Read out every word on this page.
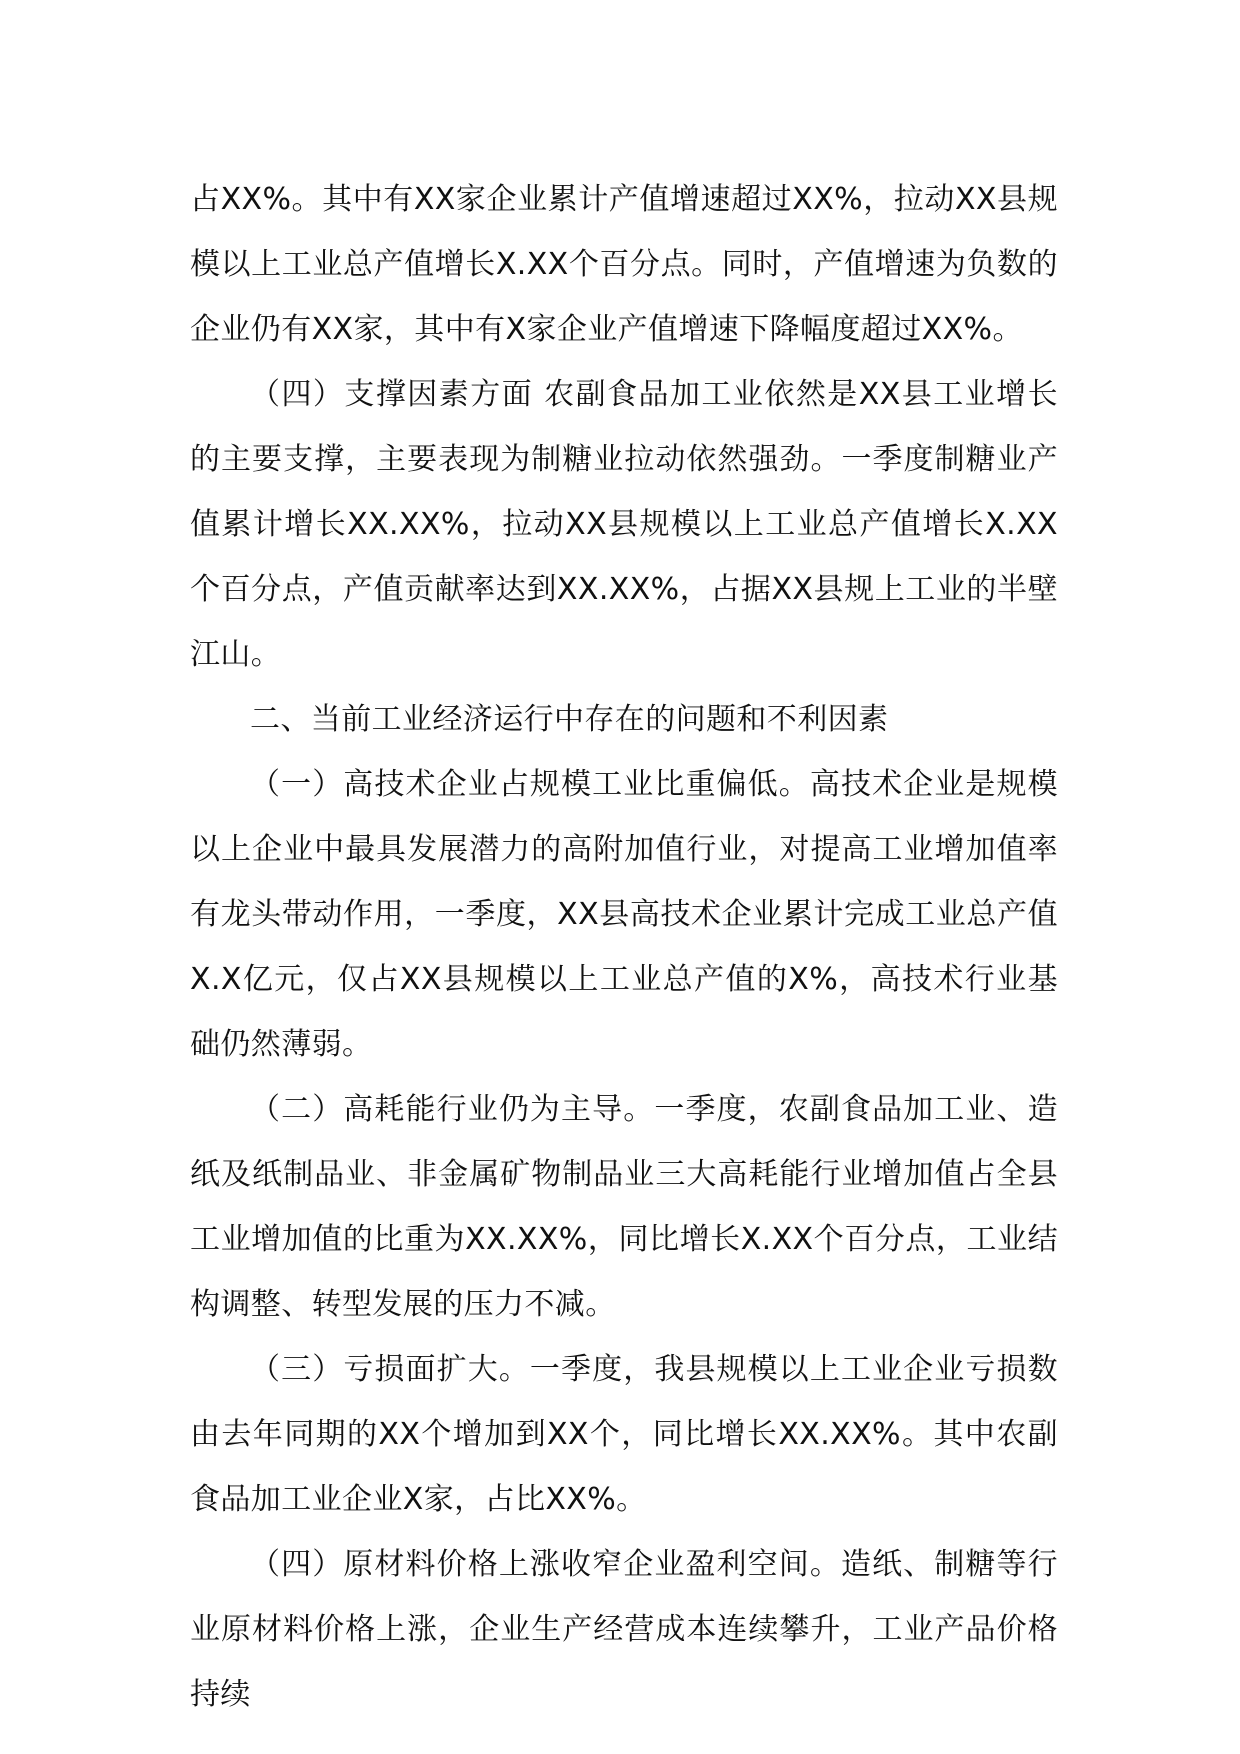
占XX%。其中有XX家企业累计产值增速超过XX%，拉动XX县规模以上工业总产值增长X.XX个百分点。同时，产值增速为负数的企业仍有XX家，其中有X家企业产值增速下降幅度超过XX%。

（四）支撑因素方面 农副食品加工业依然是XX县工业增长的主要支撑，主要表现为制糖业拉动依然强劲。一季度制糖业产值累计增长XX.XX%，拉动XX县规模以上工业总产值增长X.XX个百分点，产值贡献率达到XX.XX%，占据XX县规上工业的半壁江山。

二、当前工业经济运行中存在的问题和不利因素

（一）高技术企业占规模工业比重偏低。高技术企业是规模以上企业中最具发展潜力的高附加值行业，对提高工业增加值率有龙头带动作用，一季度，XX县高技术企业累计完成工业总产值X.X亿元，仅占XX县规模以上工业总产值的X%，高技术行业基础仍然薄弱。

（二）高耗能行业仍为主导。一季度，农副食品加工业、造纸及纸制品业、非金属矿物制品业三大高耗能行业增加值占全县工业增加值的比重为XX.XX%，同比增长X.XX个百分点，工业结构调整、转型发展的压力不减。

（三）亏损面扩大。一季度，我县规模以上工业企业亏损数由去年同期的XX个增加到XX个，同比增长XX.XX%。其中农副食品加工业企业X家，占比XX%。

（四）原材料价格上涨收窄企业盈利空间。造纸、制糖等行业原材料价格上涨，企业生产经营成本连续攀升，工业产品价格持续
